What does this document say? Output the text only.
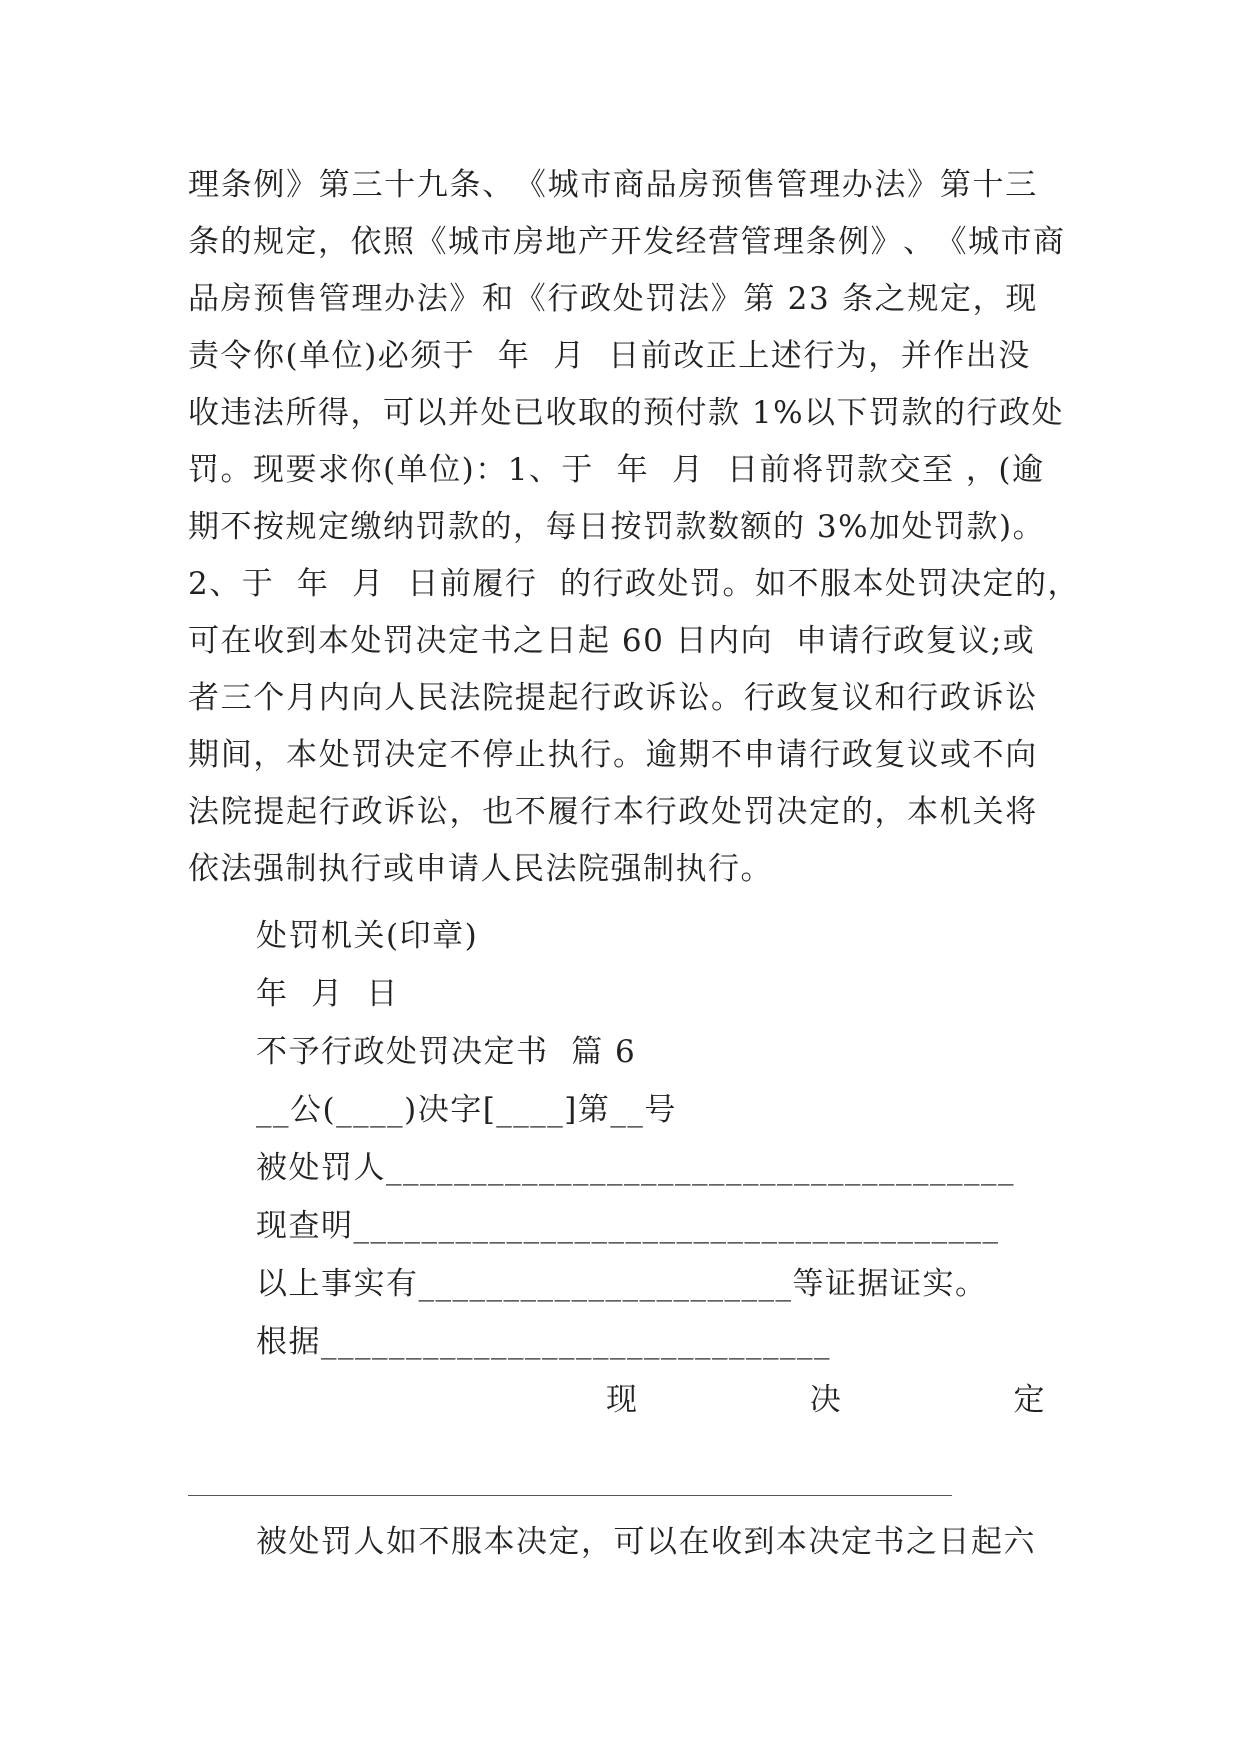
理 条 例 》 第 三 十 九 条 、 《 城 市 商 品 房 预 售 管 理 办 法 》 第 十 三
条 的 规 定 ， 依 照 《 城 市 房 地 产 开 发 经 营 管 理 条 例 》 、 《 城 市 商
品 房 预 售 管 理 办 法 》 和 《 行 政 处 罚 法 》 第
2 3
条 之 规 定 ， 现
责令你(单位)必须于  年  月  日前改正上述行为，并作出没
收违法所得，可以并处已收取的预付款 1%以下罚款的行政处
罚。现要求你(单位)：1、于  年  月  日前将罚款交至 ，(逾
期不按规定缴纳罚款的，每日按罚款数额的 3%加处罚款)。
2、于  年  月  日前履行  的行政处罚。如不服本处罚决定的，
可在收到本处罚决定书之日起 60 日内向  申请行政复议;或
者 三 个 月 内 向 人 民 法 院 提 起 行 政 诉 讼 。 行 政 复 议 和 行 政 诉 讼
期 间 ， 本 处 罚 决 定 不 停 止 执 行 。 逾 期 不 申 请 行 政 复 议 或 不 向
法 院 提 起 行 政 诉 讼 ， 也 不 履 行 本 行 政 处 罚 决 定 的 ， 本 机 关 将
依法强制执行或申请人民法院强制执行。
处罚机关(印章)
年  月  日
不予行政处罚决定书  篇 6
__公(____)决字[____]第__号
被处罚人_____________________________________
现查明______________________________________
以上事实有______________________等证据证实。
根据______________________________
现	决	定
被处罚人如不服本决定，可以在收到本决定书之日起六
